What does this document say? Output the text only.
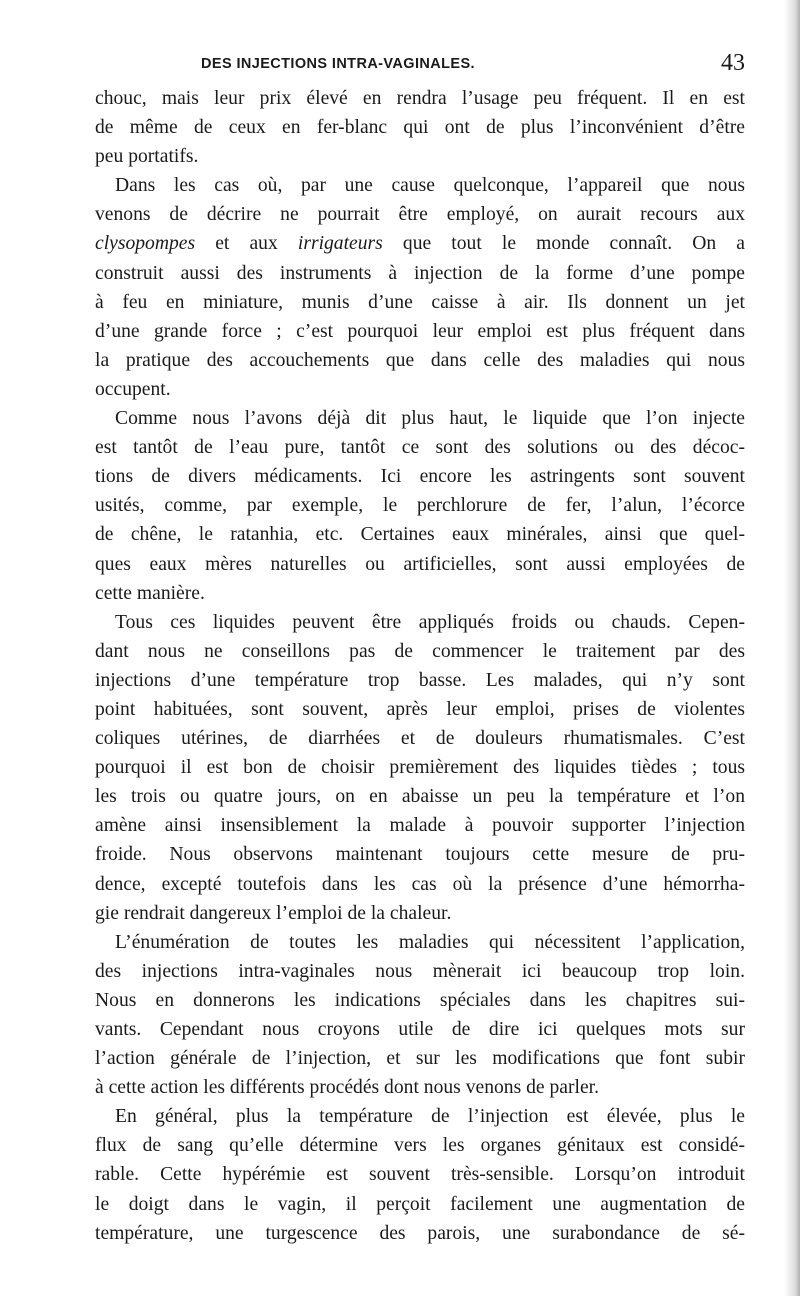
DES INJECTIONS INTRA-VAGINALES.	43
chouc, mais leur prix élevé en rendra l’usage peu fréquent. Il en est
de même de ceux en fer-blanc qui ont de plus l’inconvénient d’être
peu portatifs.
Dans les cas où, par une cause quelconque, l’appareil que nous
venons de décrire ne pourrait être employé, on aurait recours aux
clysopompes et aux irrigateurs que tout le monde connaît. On a
construit aussi des instruments à injection de la forme d’une pompe
à feu en miniature, munis d’une caisse à air. Ils donnent un jet
d’une grande force ; c’est pourquoi leur emploi est plus fréquent dans
la pratique des accouchements que dans celle des maladies qui nous
occupent.
Comme nous l’avons déjà dit plus haut, le liquide que l’on injecte
est tantôt de l’eau pure, tantôt ce sont des solutions ou des décoc-
tions de divers médicaments. Ici encore les astringents sont souvent
usités, comme, par exemple, le perchlorure de fer, l’alun, l’écorce
de chêne, le ratanhia, etc. Certaines eaux minérales, ainsi que quel-
ques eaux mères naturelles ou artificielles, sont aussi employées de
cette manière.
Tous ces liquides peuvent être appliqués froids ou chauds. Cepen-
dant nous ne conseillons pas de commencer le traitement par des
injections d’une température trop basse. Les malades, qui n’y sont
point habituées, sont souvent, après leur emploi, prises de violentes
coliques utérines, de diarrhées et de douleurs rhumatismales. C’est
pourquoi il est bon de choisir premièrement des liquides tièdes ; tous
les trois ou quatre jours, on en abaisse un peu la température et l’on
amène ainsi insensiblement la malade à pouvoir supporter l’injection
froide. Nous observons maintenant toujours cette mesure de pru-
dence, excepté toutefois dans les cas où la présence d’une hémorrha-
gie rendrait dangereux l’emploi de la chaleur.
L’énumération de toutes les maladies qui nécessitent l’application,
des injections intra-vaginales nous mènerait ici beaucoup trop loin.
Nous en donnerons les indications spéciales dans les chapitres sui-
vants. Cependant nous croyons utile de dire ici quelques mots sur
l’action générale de l’injection, et sur les modifications que font subir
à cette action les différents procédés dont nous venons de parler.
En général, plus la température de l’injection est élevée, plus le
flux de sang qu’elle détermine vers les organes génitaux est considé-
rable. Cette hypérémie est souvent très-sensible. Lorsqu’on introduit
le doigt dans le vagin, il perçoit facilement une augmentation de
température, une turgescence des parois, une surabondance de sé-
